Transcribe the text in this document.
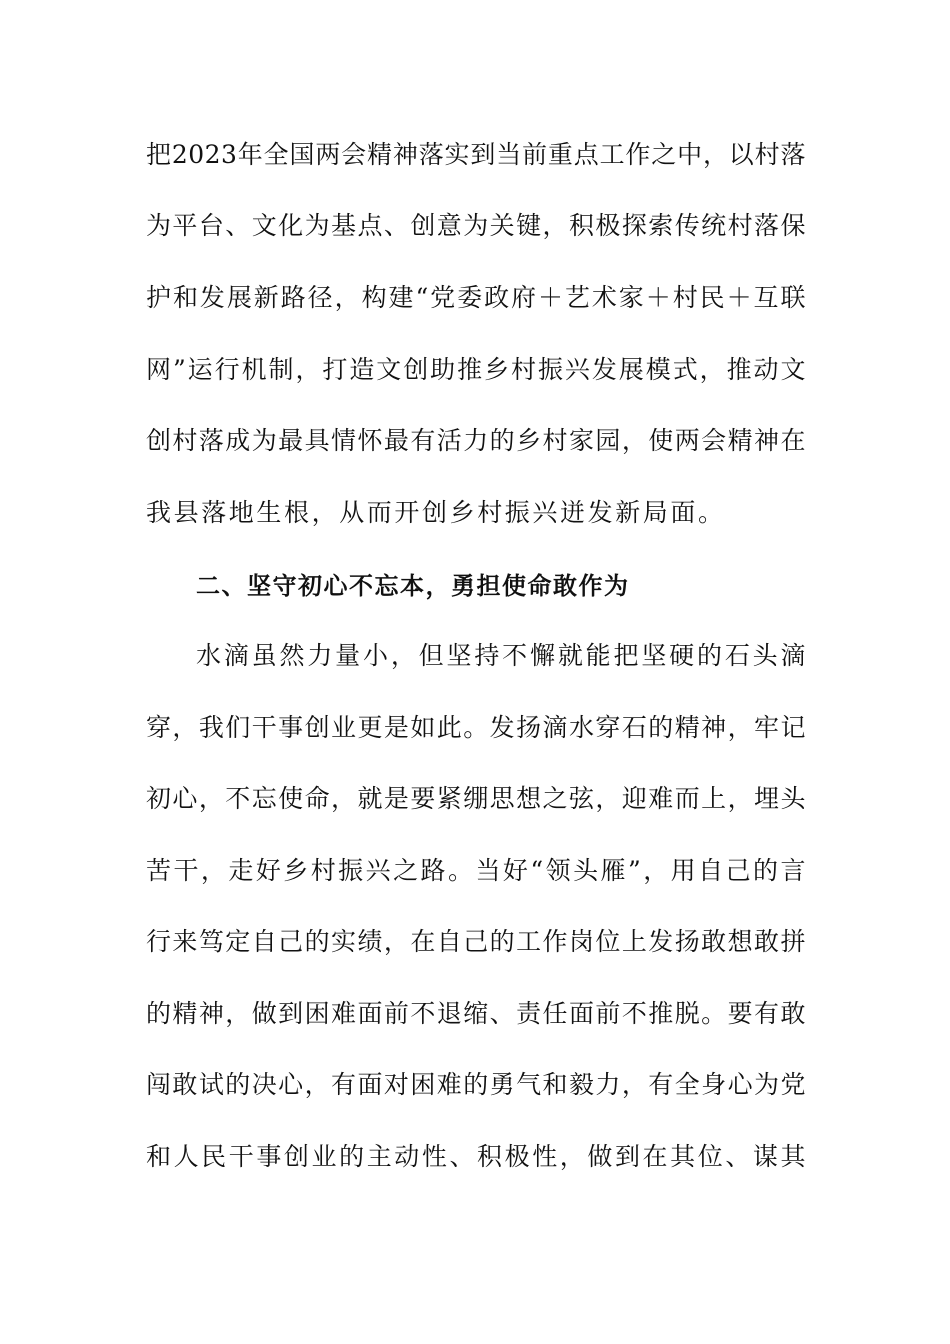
把2023年全国两会精神落实到当前重点工作之中，以村落
为平台、文化为基点、创意为关键，积极探索传统村落保
护和发展新路径，构建“党委政府＋艺术家＋村民＋互联
网”运行机制，打造文创助推乡村振兴发展模式，推动文
创村落成为最具情怀最有活力的乡村家园，使两会精神在
我县落地生根，从而开创乡村振兴迸发新局面。
二、坚守初心不忘本，勇担使命敢作为
水滴虽然力量小，但坚持不懈就能把坚硬的石头滴
穿，我们干事创业更是如此。发扬滴水穿石的精神，牢记
初心，不忘使命，就是要紧绷思想之弦，迎难而上，埋头
苦干，走好乡村振兴之路。当好“领头雁”，用自己的言
行来笃定自己的实绩，在自己的工作岗位上发扬敢想敢拼
的精神，做到困难面前不退缩、责任面前不推脱。要有敢
闯敢试的决心，有面对困难的勇气和毅力，有全身心为党
和人民干事创业的主动性、积极性，做到在其位、谋其
